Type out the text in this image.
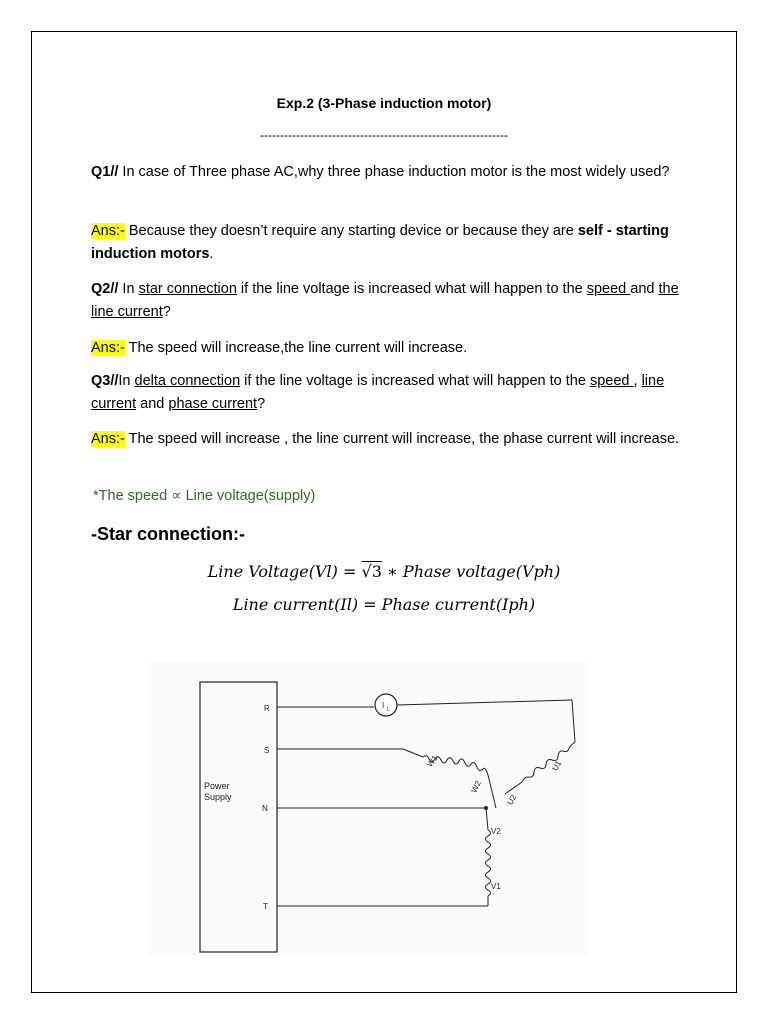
Exp.2 (3-Phase induction motor)
--------------------------------------------------------------
Q1// In case of Three phase AC,why three phase induction motor is the most widely used?
Ans:- Because they doesn’t require any starting device or because they are self - starting induction motors.
Q2// In star connection if the line voltage is increased what will happen to the speed and the line current?
Ans:- The speed will increase,the line current will increase.
Q3//In delta connection if the line voltage is increased what will happen to the speed , line current and phase current?
Ans:- The speed will increase , the line current will increase, the phase current will increase.
*The speed ∝ Line voltage(supply)
-Star connection:-
Line Voltage(Vl) = √3 ∗ Phase voltage(Vph)
Line current(Il) = Phase current(Iph)
Power
Supply
R
S
N
T
I L
W1
W2
U1
U2
V2
V1
